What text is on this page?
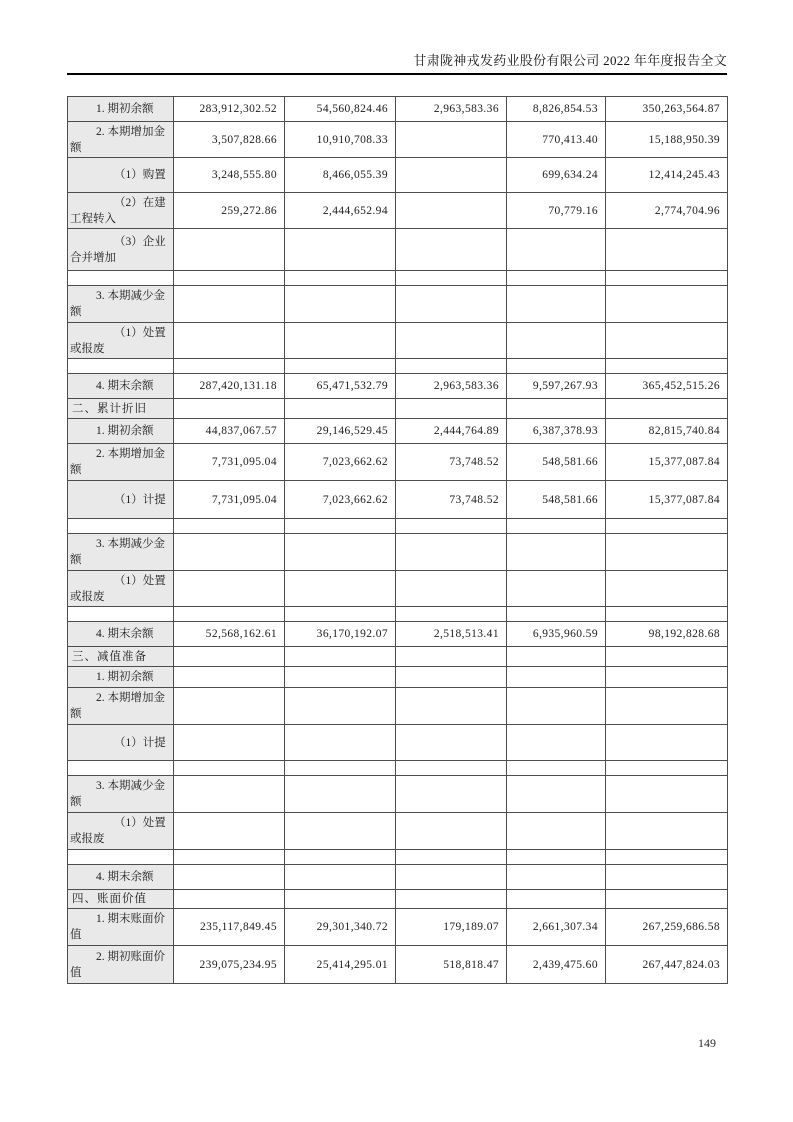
甘肃陇神戎发药业股份有限公司 2022 年年度报告全文
1. 期初余额	283,912,302.52	54,560,824.46	2,963,583.36	8,826,854.53	350,263,564.87
2. 本期增加金额	3,507,828.66	10,910,708.33		770,413.40	15,188,950.39
（1）购置	3,248,555.80	8,466,055.39		699,634.24	12,414,245.43
（2）在建工程转入	259,272.86	2,444,652.94		70,779.16	2,774,704.96
（3）企业合并增加					

3. 本期减少金额					
（1）处置或报废					

4. 期末余额	287,420,131.18	65,471,532.79	2,963,583.36	9,597,267.93	365,452,515.26
二、累计折旧					
1. 期初余额	44,837,067.57	29,146,529.45	2,444,764.89	6,387,378.93	82,815,740.84
2. 本期增加金额	7,731,095.04	7,023,662.62	73,748.52	548,581.66	15,377,087.84
（1）计提	7,731,095.04	7,023,662.62	73,748.52	548,581.66	15,377,087.84

3. 本期减少金额					
（1）处置或报废					

4. 期末余额	52,568,162.61	36,170,192.07	2,518,513.41	6,935,960.59	98,192,828.68
三、减值准备					
1. 期初余额					
2. 本期增加金额					
（1）计提					

3. 本期减少金额					
（1）处置或报废					

4. 期末余额					
四、账面价值					
1. 期末账面价值	235,117,849.45	29,301,340.72	179,189.07	2,661,307.34	267,259,686.58
2. 期初账面价值	239,075,234.95	25,414,295.01	518,818.47	2,439,475.60	267,447,824.03
149
